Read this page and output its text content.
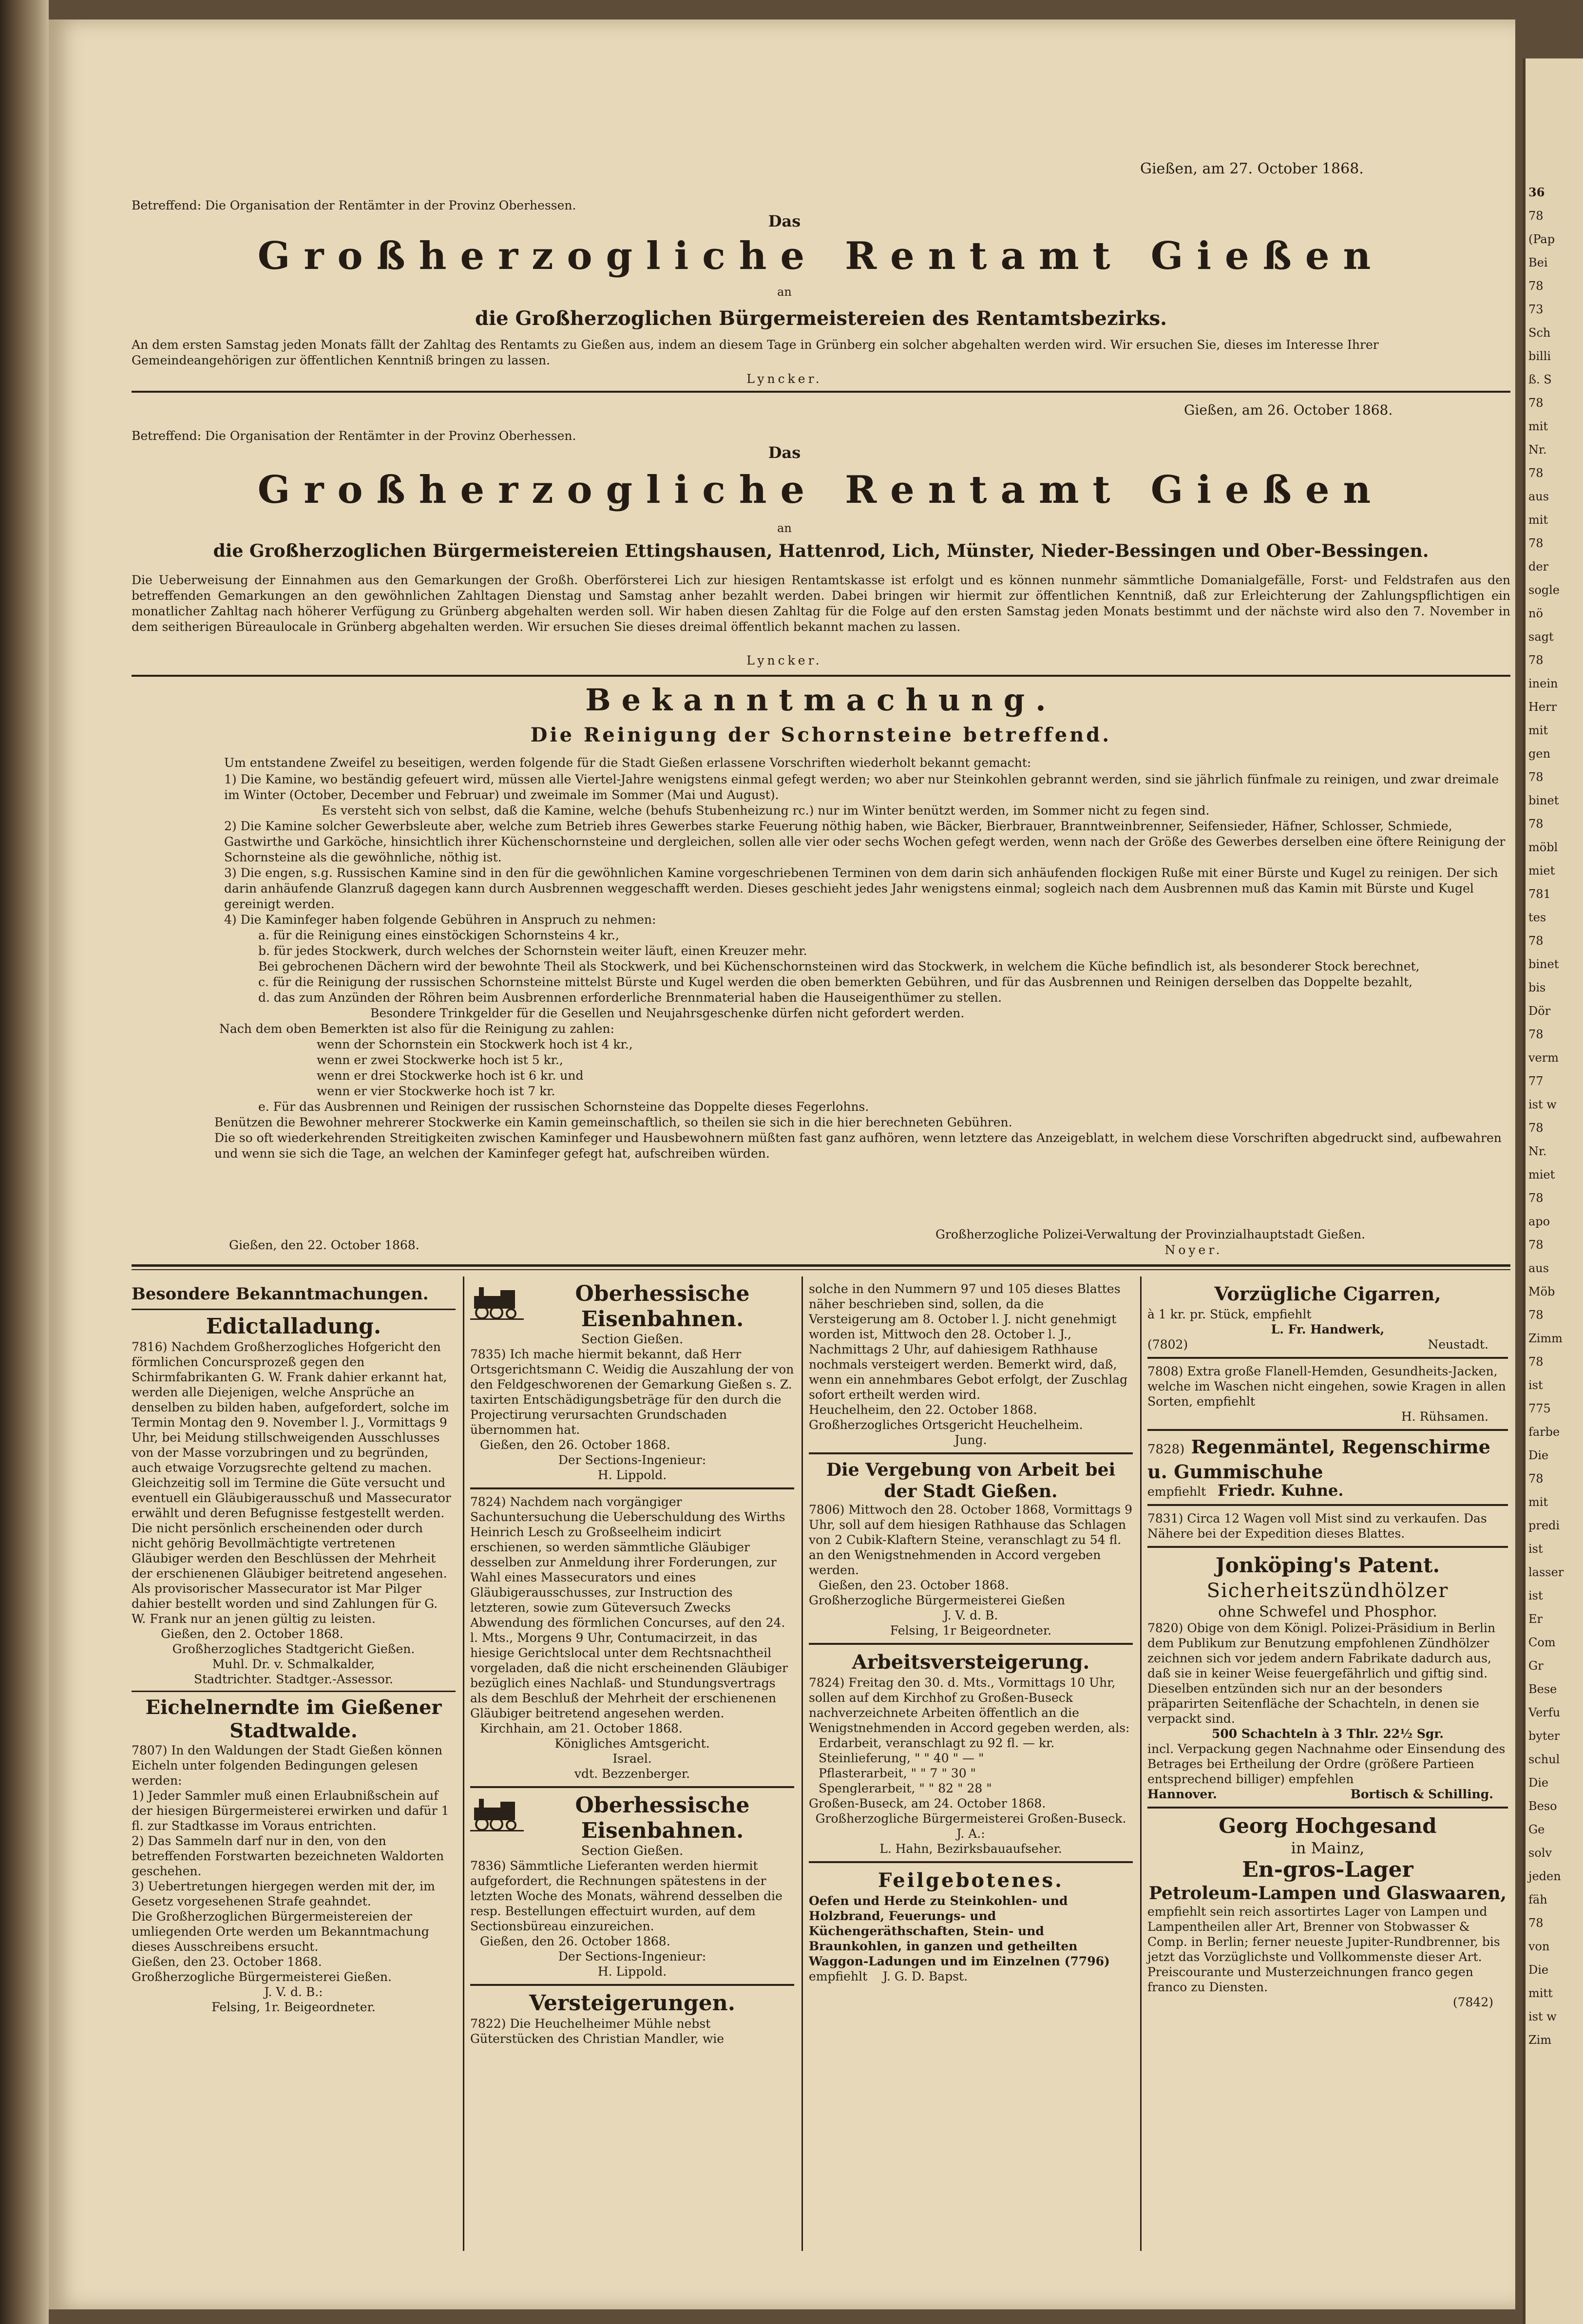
Gießen, am 27. October 1868.

Betreffend: Die Organisation der Rentämter in der Provinz Oberhessen.

Das

Großherzogliche Rentamt Gießen

an

die Großherzoglichen Bürgermeistereien des Rentamtsbezirks.

An dem ersten Samstag jeden Monats fällt der Zahltag des Rentamts zu Gießen aus, indem an diesem Tage in Grünberg ein solcher abgehalten werden wird. Wir ersuchen Sie, dieses im Interesse Ihrer Gemeindeangehörigen zur öffentlichen Kenntniß bringen zu lassen.

Lyncker.

Gießen, am 26. October 1868.

Betreffend: Die Organisation der Rentämter in der Provinz Oberhessen.

Das

Großherzogliche Rentamt Gießen

an

die Großherzoglichen Bürgermeistereien Ettingshausen, Hattenrod, Lich, Münster, Nieder-Bessingen und Ober-Bessingen.

Die Ueberweisung der Einnahmen aus den Gemarkungen der Großh. Oberförsterei Lich zur hiesigen Rentamtskasse ist erfolgt und es können nunmehr sämmtliche Domanialgefälle, Forst- und Feldstrafen aus den betreffenden Gemarkungen an den gewöhnlichen Zahltagen Dienstag und Samstag anher bezahlt werden. Dabei bringen wir hiermit zur öffentlichen Kenntniß, daß zur Erleichterung der Zahlungspflichtigen ein monatlicher Zahltag nach höherer Verfügung zu Grünberg abgehalten werden soll. Wir haben diesen Zahltag für die Folge auf den ersten Samstag jeden Monats bestimmt und der nächste wird also den 7. November in dem seitherigen Büreaulocale in Grünberg abgehalten werden. Wir ersuchen Sie dieses dreimal öffentlich bekannt machen zu lassen.

Lyncker.

Bekanntmachung.

Die Reinigung der Schornsteine betreffend.

Um entstandene Zweifel zu beseitigen, werden folgende für die Stadt Gießen erlassene Vorschriften wiederholt bekannt gemacht:

1) Die Kamine, wo beständig gefeuert wird, müssen alle Viertel-Jahre wenigstens einmal gefegt werden; wo aber nur Steinkohlen gebrannt werden, sind sie jährlich fünfmale zu reinigen, und zwar dreimale im Winter (October, December und Februar) und zweimale im Sommer (Mai und August).

Es versteht sich von selbst, daß die Kamine, welche (behufs Stubenheizung rc.) nur im Winter benützt werden, im Sommer nicht zu fegen sind.

2) Die Kamine solcher Gewerbsleute aber, welche zum Betrieb ihres Gewerbes starke Feuerung nöthig haben, wie Bäcker, Bierbrauer, Branntweinbrenner, Seifensieder, Häfner, Schlosser, Schmiede, Gastwirthe und Garköche, hinsichtlich ihrer Küchenschornsteine und dergleichen, sollen alle vier oder sechs Wochen gefegt werden, wenn nach der Größe des Gewerbes derselben eine öftere Reinigung der Schornsteine als die gewöhnliche, nöthig ist.

3) Die engen, s.g. Russischen Kamine sind in den für die gewöhnlichen Kamine vorgeschriebenen Terminen von dem darin sich anhäufenden flockigen Ruße mit einer Bürste und Kugel zu reinigen. Der sich darin anhäufende Glanzruß dagegen kann durch Ausbrennen weggeschafft werden. Dieses geschieht jedes Jahr wenigstens einmal; sogleich nach dem Ausbrennen muß das Kamin mit Bürste und Kugel gereinigt werden.

4) Die Kaminfeger haben folgende Gebühren in Anspruch zu nehmen:

a. für die Reinigung eines einstöckigen Schornsteins 4 kr.,

b. für jedes Stockwerk, durch welches der Schornstein weiter läuft, einen Kreuzer mehr.

Bei gebrochenen Dächern wird der bewohnte Theil als Stockwerk, und bei Küchenschornsteinen wird das Stockwerk, in welchem die Küche befindlich ist, als besonderer Stock berechnet,

c. für die Reinigung der russischen Schornsteine mittelst Bürste und Kugel werden die oben bemerkten Gebühren, und für das Ausbrennen und Reinigen derselben das Doppelte bezahlt,

d. das zum Anzünden der Röhren beim Ausbrennen erforderliche Brennmaterial haben die Hauseigenthümer zu stellen.

Besondere Trinkgelder für die Gesellen und Neujahrsgeschenke dürfen nicht gefordert werden.

Nach dem oben Bemerkten ist also für die Reinigung zu zahlen:

wenn der Schornstein ein Stockwerk hoch ist 4 kr.,

wenn er zwei Stockwerke hoch ist 5 kr.,

wenn er drei Stockwerke hoch ist 6 kr. und

wenn er vier Stockwerke hoch ist 7 kr.

e. Für das Ausbrennen und Reinigen der russischen Schornsteine das Doppelte dieses Fegerlohns.

Benützen die Bewohner mehrerer Stockwerke ein Kamin gemeinschaftlich, so theilen sie sich in die hier berechneten Gebühren.

Die so oft wiederkehrenden Streitigkeiten zwischen Kaminfeger und Hausbewohnern müßten fast ganz aufhören, wenn letztere das Anzeigeblatt, in welchem diese Vorschriften abgedruckt sind, aufbewahren und wenn sie sich die Tage, an welchen der Kaminfeger gefegt hat, aufschreiben würden.

Gießen, den 22. October 1868.

Großherzogliche Polizei-Verwaltung der Provinzialhauptstadt Gießen.

Noyer.

Besondere Bekanntmachungen.

Edictalladung.

7816) Nachdem Großherzogliches Hofgericht den förmlichen Concursprozeß gegen den Schirmfabrikanten G. W. Frank dahier erkannt hat, werden alle Diejenigen, welche Ansprüche an denselben zu bilden haben, aufgefordert, solche im Termin Montag den 9. November l. J., Vormittags 9 Uhr, bei Meidung stillschweigenden Ausschlusses von der Masse vorzubringen und zu begründen, auch etwaige Vorzugsrechte geltend zu machen. Gleichzeitig soll im Termine die Güte versucht und eventuell ein Gläubigerausschuß und Massecurator erwählt und deren Befugnisse festgestellt werden. Die nicht persönlich erscheinenden oder durch nicht gehörig Bevollmächtigte vertretenen Gläubiger werden den Beschlüssen der Mehrheit der erschienenen Gläubiger beitretend angesehen. Als provisorischer Massecurator ist Mar Pilger dahier bestellt worden und sind Zahlungen für G. W. Frank nur an jenen gültig zu leisten.

Gießen, den 2. October 1868.

Großherzogliches Stadtgericht Gießen.

Muhl. Dr. v. Schmalkalder,

Stadtrichter. Stadtger.-Assessor.

Eichelnerndte im Gießener Stadtwalde.

7807) In den Waldungen der Stadt Gießen können Eicheln unter folgenden Bedingungen gelesen werden:

1) Jeder Sammler muß einen Erlaubnißschein auf der hiesigen Bürgermeisterei erwirken und dafür 1 fl. zur Stadtkasse im Voraus entrichten.

2) Das Sammeln darf nur in den, von den betreffenden Forstwarten bezeichneten Waldorten geschehen.

3) Uebertretungen hiergegen werden mit der, im Gesetz vorgesehenen Strafe geahndet.

Die Großherzoglichen Bürgermeistereien der umliegenden Orte werden um Bekanntmachung dieses Ausschreibens ersucht.

Gießen, den 23. October 1868.

Großherzogliche Bürgermeisterei Gießen.

J. V. d. B.:

Felsing, 1r. Beigeordneter.

Oberhessische Eisenbahnen.

Section Gießen.

7835) Ich mache hiermit bekannt, daß Herr Ortsgerichtsmann C. Weidig die Auszahlung der von den Feldgeschworenen der Gemarkung Gießen s. Z. taxirten Entschädigungsbeträge für den durch die Projectirung verursachten Grundschaden übernommen hat.

Gießen, den 26. October 1868.

Der Sections-Ingenieur:

H. Lippold.

7824) Nachdem nach vorgängiger Sachuntersuchung die Ueberschuldung des Wirths Heinrich Lesch zu Großseelheim indicirt erschienen, so werden sämmtliche Gläubiger desselben zur Anmeldung ihrer Forderungen, zur Wahl eines Massecurators und eines Gläubigerausschusses, zur Instruction des letzteren, sowie zum Güteversuch Zwecks Abwendung des förmlichen Concurses, auf den 24. l. Mts., Morgens 9 Uhr, Contumacirzeit, in das hiesige Gerichtslocal unter dem Rechtsnachtheil vorgeladen, daß die nicht erscheinenden Gläubiger bezüglich eines Nachlaß- und Stundungsvertrags als dem Beschluß der Mehrheit der erschienenen Gläubiger beitretend angesehen werden.

Kirchhain, am 21. October 1868.

Königliches Amtsgericht.

Israel.

vdt. Bezzenberger.

Oberhessische Eisenbahnen.

Section Gießen.

7836) Sämmtliche Lieferanten werden hiermit aufgefordert, die Rechnungen spätestens in der letzten Woche des Monats, während desselben die resp. Bestellungen effectuirt wurden, auf dem Sectionsbüreau einzureichen.

Gießen, den 26. October 1868.

Der Sections-Ingenieur:

H. Lippold.

Versteigerungen.

7822) Die Heuchelheimer Mühle nebst Güterstücken des Christian Mandler, wie

solche in den Nummern 97 und 105 dieses Blattes näher beschrieben sind, sollen, da die Versteigerung am 8. October l. J. nicht genehmigt worden ist, Mittwoch den 28. October l. J., Nachmittags 2 Uhr, auf dahiesigem Rathhause nochmals versteigert werden. Bemerkt wird, daß, wenn ein annehmbares Gebot erfolgt, der Zuschlag sofort ertheilt werden wird.

Heuchelheim, den 22. October 1868.

Großherzogliches Ortsgericht Heuchelheim.

Jung.

Die Vergebung von Arbeit bei der Stadt Gießen.

7806) Mittwoch den 28. October 1868, Vormittags 9 Uhr, soll auf dem hiesigen Rathhause das Schlagen von 2 Cubik-Klaftern Steine, veranschlagt zu 54 fl. an den Wenigstnehmenden in Accord vergeben werden.

Gießen, den 23. October 1868.

Großherzogliche Bürgermeisterei Gießen

J. V. d. B.

Felsing, 1r Beigeordneter.

Arbeitsversteigerung.

7824) Freitag den 30. d. Mts., Vormittags 10 Uhr, sollen auf dem Kirchhof zu Großen-Buseck nachverzeichnete Arbeiten öffentlich an die Wenigstnehmenden in Accord gegeben werden, als:

Erdarbeit, veranschlagt zu 92 fl. — kr.

Steinlieferung, " " 40 " — "

Pflasterarbeit, " " 7 " 30 "

Spenglerarbeit, " " 82 " 28 "

Großen-Buseck, am 24. October 1868.

Großherzogliche Bürgermeisterei Großen-Buseck.

J. A.:

L. Hahn, Bezirksbauaufseher.

Feilgebotenes.

Oefen und Herde zu Steinkohlen- und Holzbrand, Feuerungs- und Küchengeräthschaften, Stein- und Braunkohlen, in ganzen und getheilten Waggon-Ladungen und im Einzelnen (7796)

empfiehlt J. G. D. Bapst.

Vorzügliche Cigarren,

à 1 kr. pr. Stück, empfiehlt

L. Fr. Handwerk,

(7802)	Neustadt.

7808) Extra große Flanell-Hemden, Gesundheits-Jacken, welche im Waschen nicht eingehen, sowie Kragen in allen Sorten, empfiehlt

H. Rühsamen.

7828) Regenmäntel, Regenschirme u. Gummischuhe

empfiehlt Friedr. Kuhne.

7831) Circa 12 Wagen voll Mist sind zu verkaufen. Das Nähere bei der Expedition dieses Blattes.

Jonköping's Patent.

Sicherheitszündhölzer

ohne Schwefel und Phosphor.

7820) Obige von dem Königl. Polizei-Präsidium in Berlin dem Publikum zur Benutzung empfohlenen Zündhölzer zeichnen sich vor jedem andern Fabrikate dadurch aus, daß sie in keiner Weise feuergefährlich und giftig sind. Dieselben entzünden sich nur an der besonders präparirten Seitenfläche der Schachteln, in denen sie verpackt sind.

500 Schachteln à 3 Thlr. 22½ Sgr.

incl. Verpackung gegen Nachnahme oder Einsendung des Betrages bei Ertheilung der Ordre (größere Partieen entsprechend billiger) empfehlen

Hannover.	Bortisch & Schilling.

Georg Hochgesand

in Mainz,

En-gros-Lager

Petroleum-Lampen und Glaswaaren,

empfiehlt sein reich assortirtes Lager von Lampen und Lampentheilen aller Art, Brenner von Stobwasser & Comp. in Berlin; ferner neueste Jupiter-Rundbrenner, bis jetzt das Vorzüglichste und Vollkommenste dieser Art. Preiscourante und Musterzeichnungen franco gegen franco zu Diensten.

(7842)

36

78

(Pap

Bei

78

73

Sch

billi

ß. S

78

mit

Nr.

78

aus

mit

78

der

sogle

nö

sagt

78

inein

Herr

mit

gen

78

binet

78

möbl

miet

781

tes

78

binet

bis

Dör

78

verm

77

ist w

78

Nr.

miet

78

apo

78

aus

Möb

78

Zimm

78

ist

775

farbe

Die

78

mit

predi

ist

lasser

ist

Er

Com

Gr

Bese

Verfu

byter

schul

Die

Beso

Ge

solv

jeden

fäh

78

von

Die

mitt

ist w

Zim
